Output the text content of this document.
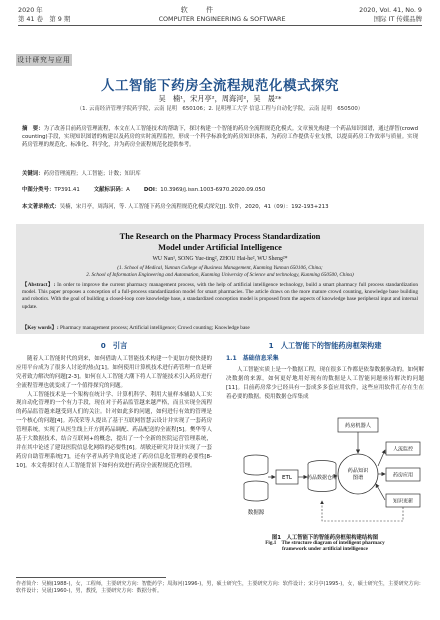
2020 年	软 件	2020, Vol. 41, No. 9
第 41 卷　第 9 期	COMPUTER ENGINEERING & SOFTWARE	国际 IT 传媒品牌
设计研究与应用
人工智能下药房全流程规范化模式探究
吴　楠¹，宋月亭²，周海河²，吴　晟²*
（1. 云南经济管理学院药学院，云南 昆明　650106；2. 昆明理工大学 信息工程与自动化学院，云南 昆明　650500）
摘　要：为了改善目前药房管理流程，本文在人工智能技术的帮助下，探讨构建一个智能的药房全流程规范化模式。文章预先构建一个药品知识图谱，通过群智(crowd counting)手段，实现知识图谱的构建以及药房的实时流程监控，形成一个科学标准化的药房知识体系，为药房工作提供专业支撑，以提高药房工作效率与质量。实现药房管理的规范化、标准化、科学化，并为药房全流程规范化提供参考。
关键词：药房管理流程；人工智能；计数；知识库
中图分类号：TP391.41	文献标识码：A	DOI：10.3969/j.issn.1003-6970.2020.09.050
本文著录格式：吴楠，宋月亭，周海河，等. 人工智能下药房全流程规范化模式探究[J]. 软件，2020，41（09）：192-193+213
The Research on the Pharmacy Process Standardization
Model under Artificial Intelligence
WU Nan¹, SONG Yue-ting², ZHOU Hai-he², WU Sheng²*
(1. School of Medical, Yunnan College of Business Management, Kunming Yunnan 650106, China;
2. School of Information Engineering and Automation, Kunming University of Science and technology, Kunming 650500, China)
【Abstract】: In order to improve the current pharmacy management process, with the help of artificial intelligence technology, build a smart pharmacy full process standardization model. This paper proposes a conception of a full-process standardization model for smart pharmacies. The article draws on the more mature crowd counting, knowledge base building and robotics. With the goal of building a closed-loop core knowledge base, a standardized conception model is proposed from the aspects of knowledge base peripheral input and internal update.
【Key words】: Pharmacy management process; Artificial intelligence; Crowd counting; Knowledge base
0　引言
随着人工智能时代的到来，如何借助人工智能技术构建一个更加方便快捷的应用平台成为了很多人讨论的热点[1]。如何使用计算机技术进行药管理一直是研究者致力解决的问题[2-3]。如何在人工智能大潮下将人工智能技术引入药房进行全流程管理也就变成了一个值得探究的问题。
人工智能技术是一个架构在统计学、计算机科学、利用大量样本辅助人工实现自动化管理的一个有力手段，现在对于药品监管越来越严格，而且实现全流程的药品监管越来越受到人们的关注。针对如此多的问题，如何进行有效的管理是一个核心的问题[4]。苏茂荣等人提出了基于互联网智慧云设计并实现了一套药房管理系统，实现了从医生线上开方到药品调配、药品配送的全流程[5]。樊华等人基于大数据技术，结合互联网+的概念，提出了一个全新的医院运营管理系统，并在其中论述了建设医院信息化网络的必要性[6]。胡敏还研究并设计实现了一套药房自助管理系统[7]，还有学者从药学角度论述了药房信息化管理的必要性[8-10]。本文将探讨在人工智能背景下如何有效进行药房全流程规范化管理。
1　人工智能下的智能药房框架构建
1.1　基础信息采集
人工智能实质上是一个数据工程，现在很多工作都是依靠数据驱动的。如何解决数据的来源，如何更好地用好现有的数据是人工智能问题亟待解决的问题[11]。目前药房常少已经具有一套成多多套应用软件，这些应用软件汇存在生在着必要的数据。使用数据仓库集成
数据源
ETL	药品数据仓库
药房机器人
药品知识
图谱
人流监控
药房应用
知识更新
图1　人工智能下的智能药房框架构建结构图
Fig.1　The structure diagram of intelligent pharmacy
framework under artificial intelligence
作者简介：吴楠(1988-)，女，工程师，主要研究方向：智能药学；周海河(1996-)，男，硕士研究生，主要研究方向：软件设计；宋月亭(1995-)，女，硕士研究生，主要研究方向：软件设计；吴晟(1960-)，男，教授，主要研究方向：数据分析。
